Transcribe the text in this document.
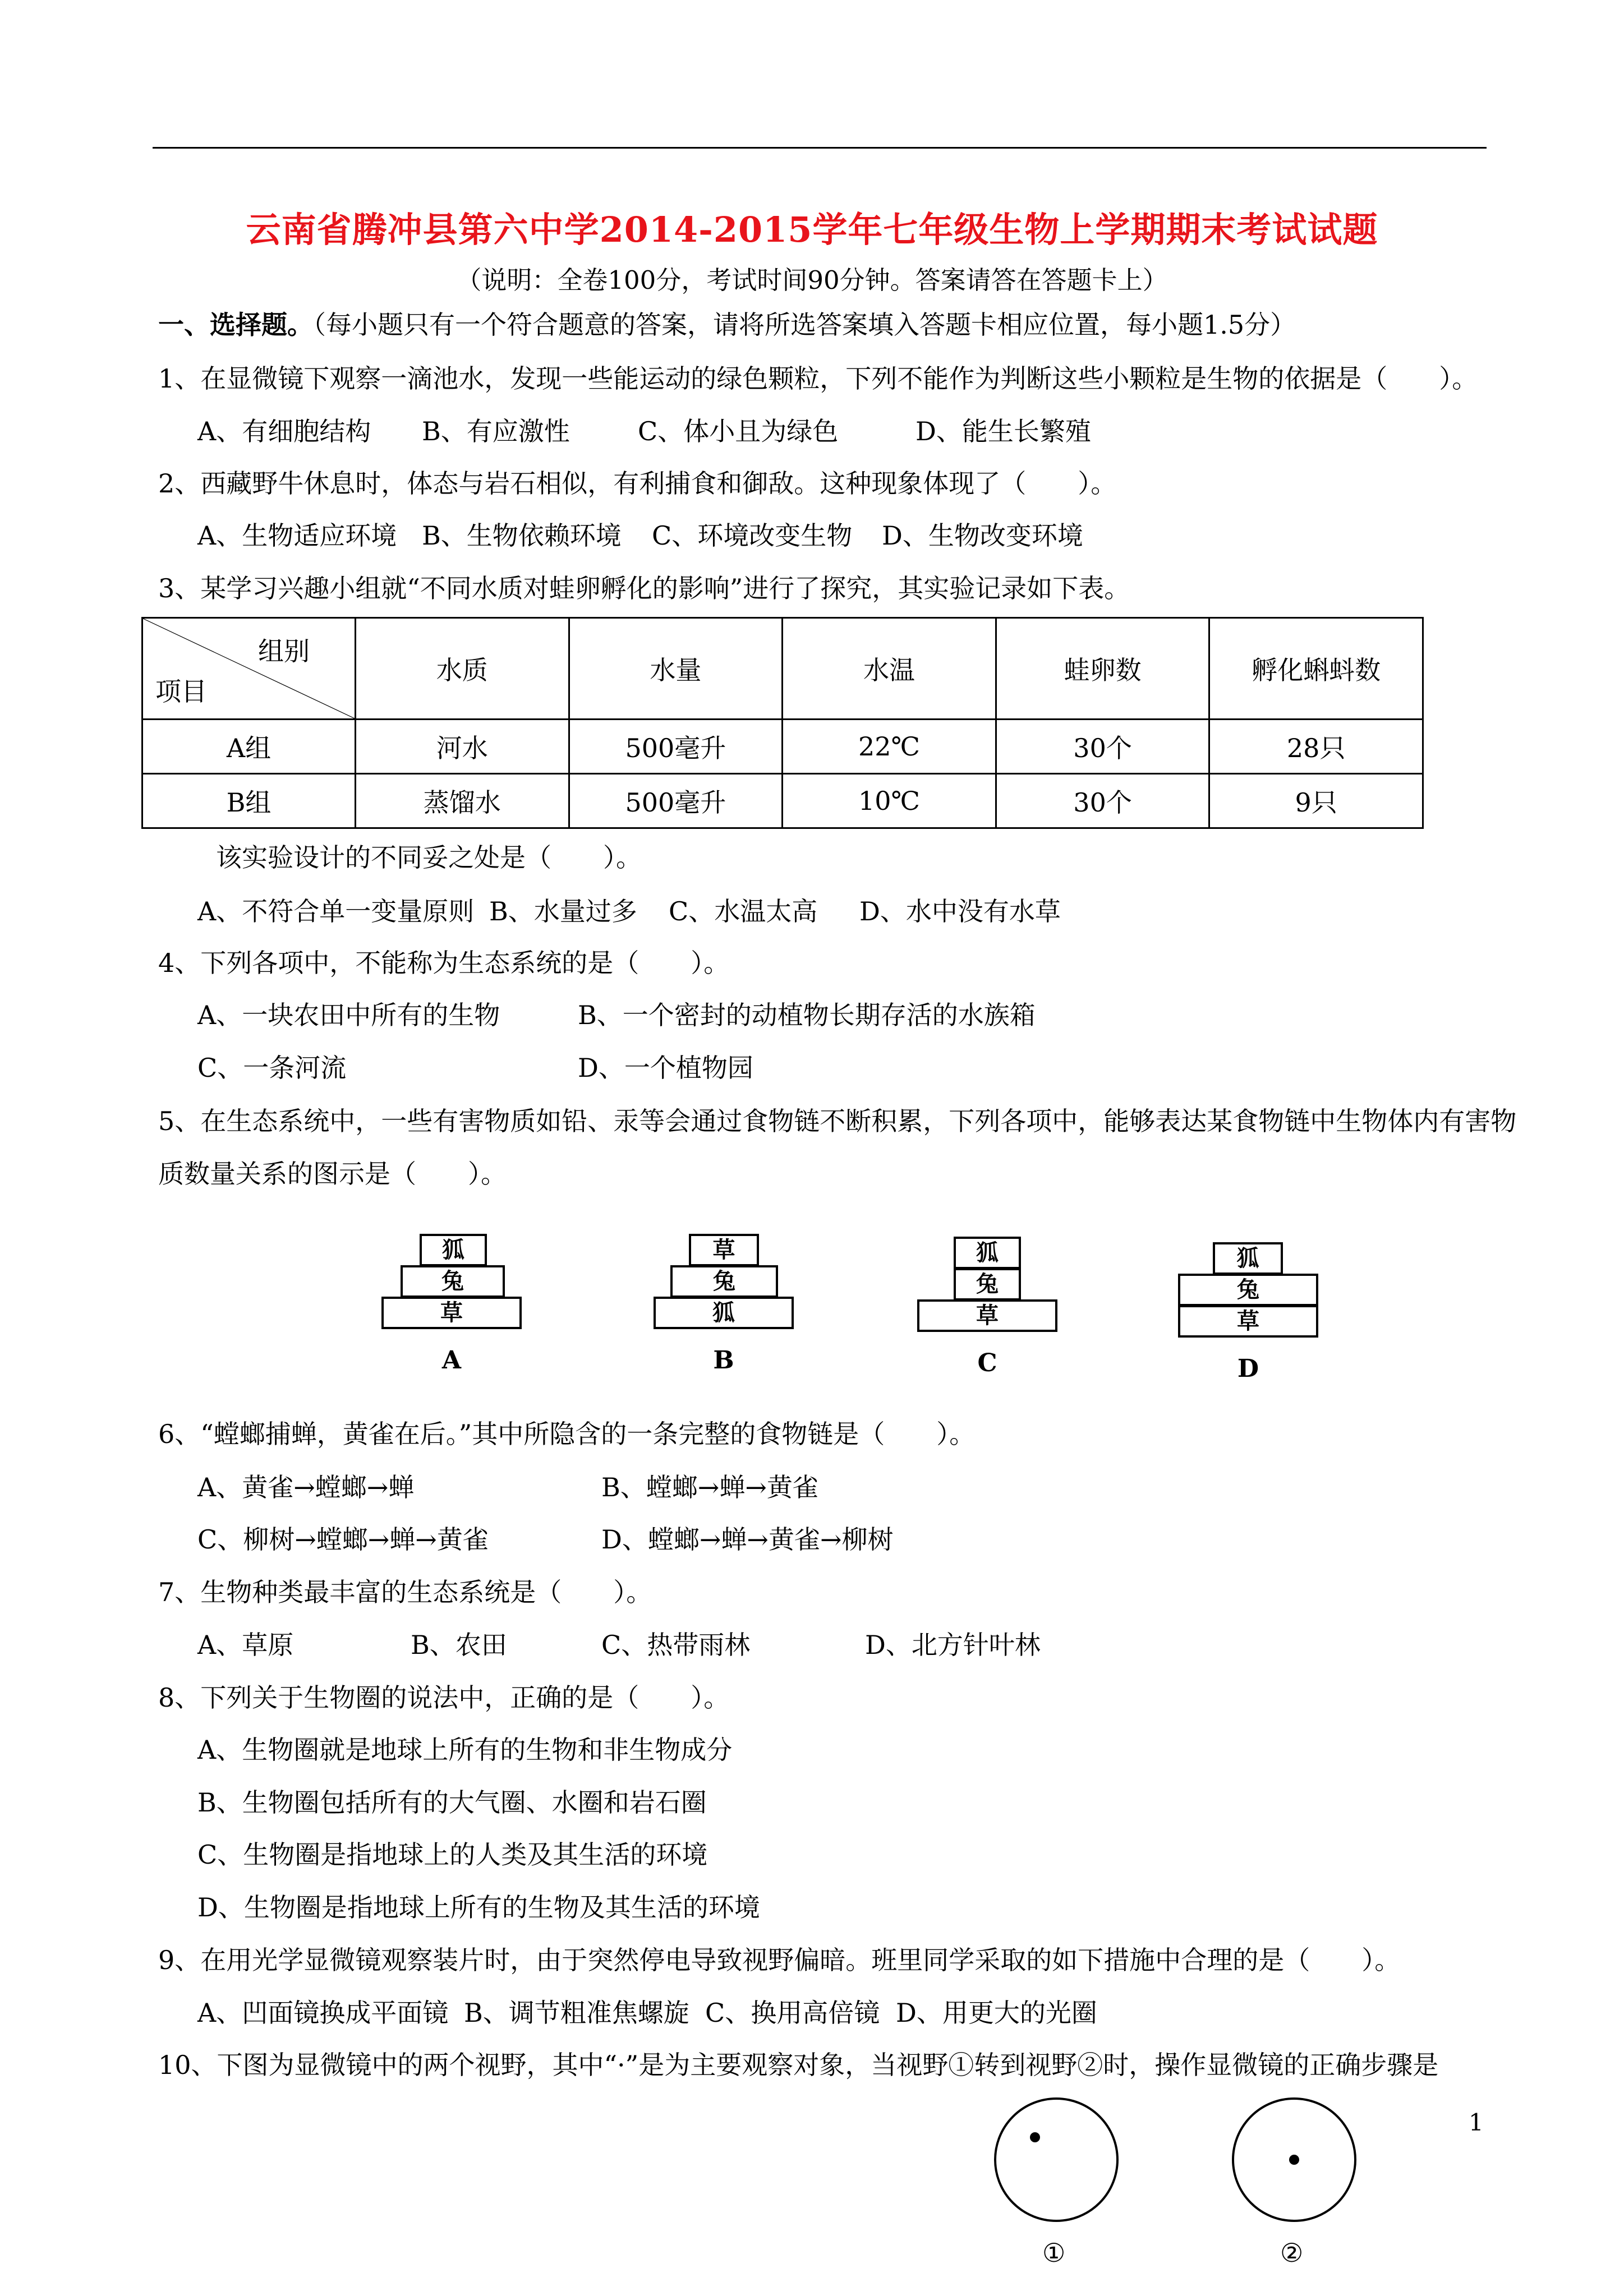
云南省腾冲县第六中学2014-2015学年七年级生物上学期期末考试试题
（说明：全卷100分，考试时间90分钟。答案请答在答题卡上）
一、选择题。（每小题只有一个符合题意的答案，请将所选答案填入答题卡相应位置，每小题1.5分）
1、在显微镜下观察一滴池水，发现一些能运动的绿色颗粒，下列不能作为判断这些小颗粒是生物的依据是（　　）。
A、有细胞结构 B、有应激性	C、体小且为绿色	D、能生长繁殖
2、西藏野牛休息时，体态与岩石相似，有利捕食和御敌。这种现象体现了（　　）。
A、生物适应环境 B、生物依赖环境 C、环境改变生物 D、生物改变环境
3、某学习兴趣小组就“不同水质对蛙卵孵化的影响”进行了探究，其实验记录如下表。
组别
项目	水质	水量	水温	蛙卵数	孵化蝌蚪数
A组	河水	500毫升	22℃	30个	28只
B组	蒸馏水	500毫升	10℃	30个	9只
该实验设计的不同妥之处是（　　）。
A、不符合单一变量原则 B、水量过多 C、水温太高 D、水中没有水草
4、下列各项中，不能称为生态系统的是（　　）。
A、一块农田中所有的生物	B、一个密封的动植物长期存活的水族箱
C、一条河流	D、一个植物园
5、在生态系统中，一些有害物质如铅、汞等会通过食物链不断积累，下列各项中，能够表达某食物链中生物体内有害物
质数量关系的图示是（　　）。
狐
兔
草
A
草
兔
狐
B
狐
兔
草
C
狐
兔
草
D
6、“螳螂捕蝉，黄雀在后。”其中所隐含的一条完整的食物链是（　　）。
A、黄雀→螳螂→蝉	B、螳螂→蝉→黄雀
C、柳树→螳螂→蝉→黄雀	D、螳螂→蝉→黄雀→柳树
7、生物种类最丰富的生态系统是（　　）。
A、草原	B、农田	C、热带雨林	D、北方针叶林
8、下列关于生物圈的说法中，正确的是（　　）。
A、生物圈就是地球上所有的生物和非生物成分
B、生物圈包括所有的大气圈、水圈和岩石圈
C、生物圈是指地球上的人类及其生活的环境
D、生物圈是指地球上所有的生物及其生活的环境
9、在用光学显微镜观察装片时，由于突然停电导致视野偏暗。班里同学采取的如下措施中合理的是（　　）。
A、凹面镜换成平面镜 B、调节粗准焦螺旋 C、换用高倍镜 D、用更大的光圈
10、下图为显微镜中的两个视野，其中“·”是为主要观察对象，当视野①转到视野②时，操作显微镜的正确步骤是
①	②
1
